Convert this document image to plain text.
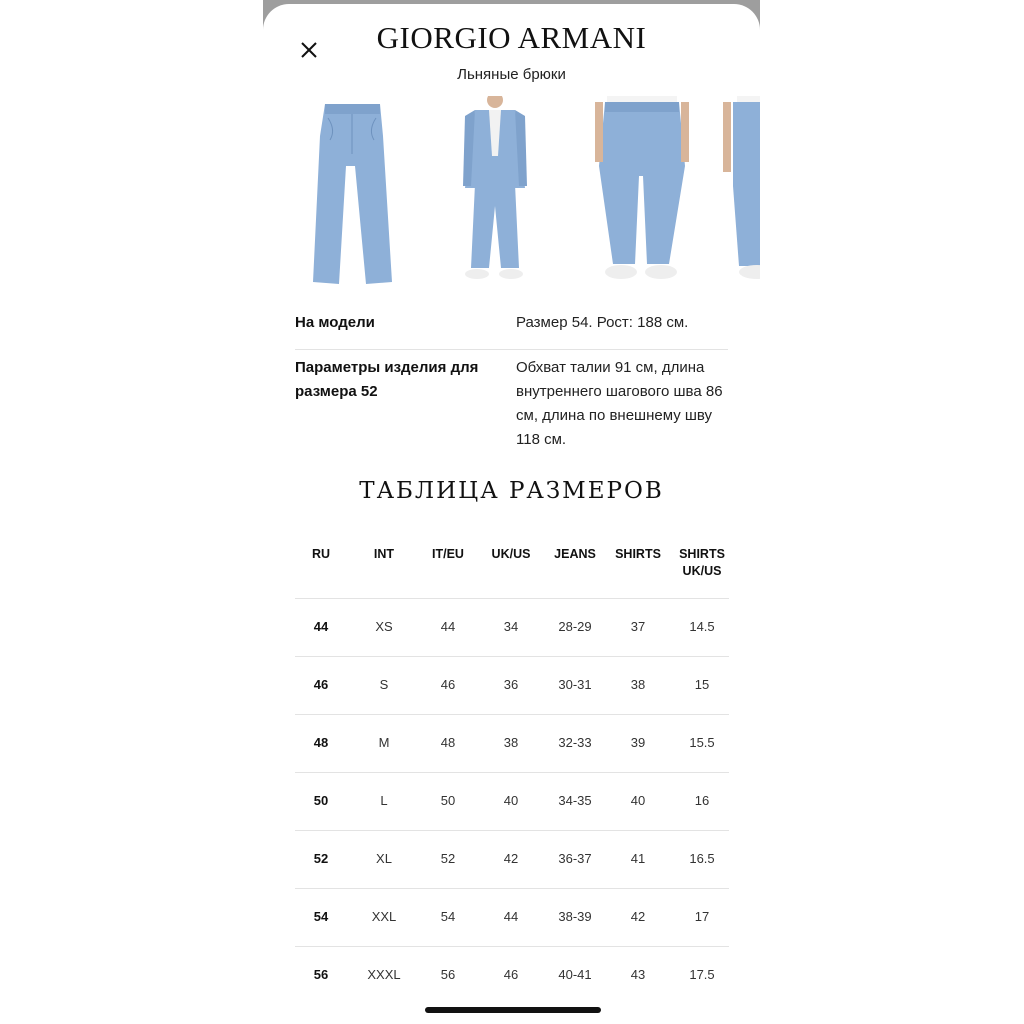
GIORGIO ARMANI
Льняные брюки
На модели	Размер 54. Рост: 188 см.
Параметры изделия для размера 52
Обхват талии 91 см, длина внутреннего шагового шва 86 см, длина по внешнему шву 118 см.
ТАБЛИЦА РАЗМЕРОВ
RU	INT	IT/EU	UK/US	JEANS	SHIRTS	SHIRTS UK/US
44	XS	44	34	28-29	37	14.5
46	S	46	36	30-31	38	15
48	M	48	38	32-33	39	15.5
50	L	50	40	34-35	40	16
52	XL	52	42	36-37	41	16.5
54	XXL	54	44	38-39	42	17
56	XXXL	56	46	40-41	43	17.5
